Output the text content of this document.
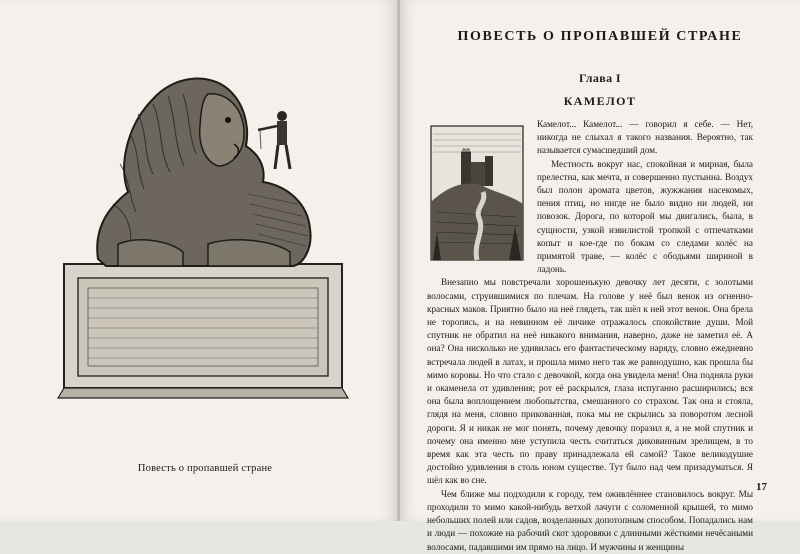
Повесть о пропавшей стране
ПОВЕСТЬ О ПРОПАВШЕЙ СТРАНЕ
Глава I
КАМЕЛОТ

Камелот... Камелот... — говорил я себе. — Нет, никогда не слыхал я такого названия. Вероятно, так называется сумасшедший дом.

Местность вокруг нас, спокойная и мирная, была прелестна, как мечта, и совершенно пустынна. Воздух был полон аромата цветов, жужжания насекомых, пения птиц, но нигде не было видно ни людей, ни повозок. Дорога, по которой мы двигались, была, в сущности, узкой извилистой тропкой с отпечатками копыт и кое-где по бокам со следами колёс на примятой траве, — колёс с ободьями шириной в ладонь.

Внезапно мы повстречали хорошенькую девочку лет десяти, с золотыми волосами, струившимися по плечам. На голове у неё был венок из огненно-красных маков. Приятно было на неё глядеть, так шёл к ней этот венок. Она брела не торопясь, и на невинном её личике отражалось спокойствие души. Мой спутник не обратил на неё никакого внимания, наверно, даже не заметил её. А она? Она нисколько не удивилась его фантастическому наряду, словно ежедневно встречала людей в латах, и прошла мимо него так же равнодушно, как прошла бы мимо коровы. Но что стало с девочкой, когда она увидела меня! Она подняла руки и окаменела от удивления; рот её раскрылся, глаза испуганно расширились; вся она была воплощением любопытства, смешанного со страхом. Так она и стояла, глядя на меня, словно прикованная, пока мы не скрылись за поворотом лесной дороги. Я и никак не мог понять, почему девочку поразил я, а не мой спутник и почему она именно мне уступила честь считаться диковинным зрелищем, в то время как эта честь по праву принадлежала ей самой? Такое великодушие достойно удивления в столь юном существе. Тут было над чем призадуматься. Я шёл как во сне.

Чем ближе мы подходили к городу, тем оживлённее становилось вокруг. Мы проходили то мимо какой-нибудь ветхой лачуги с соломенной крышей, то мимо небольших полей или садов, возделанных допотопным способом. Попадались нам и люди — похожие на рабочий скот здоровяки с длинными жёсткими нечёсаными волосами, падавшими им прямо на лицо. И мужчины и женщины

17
